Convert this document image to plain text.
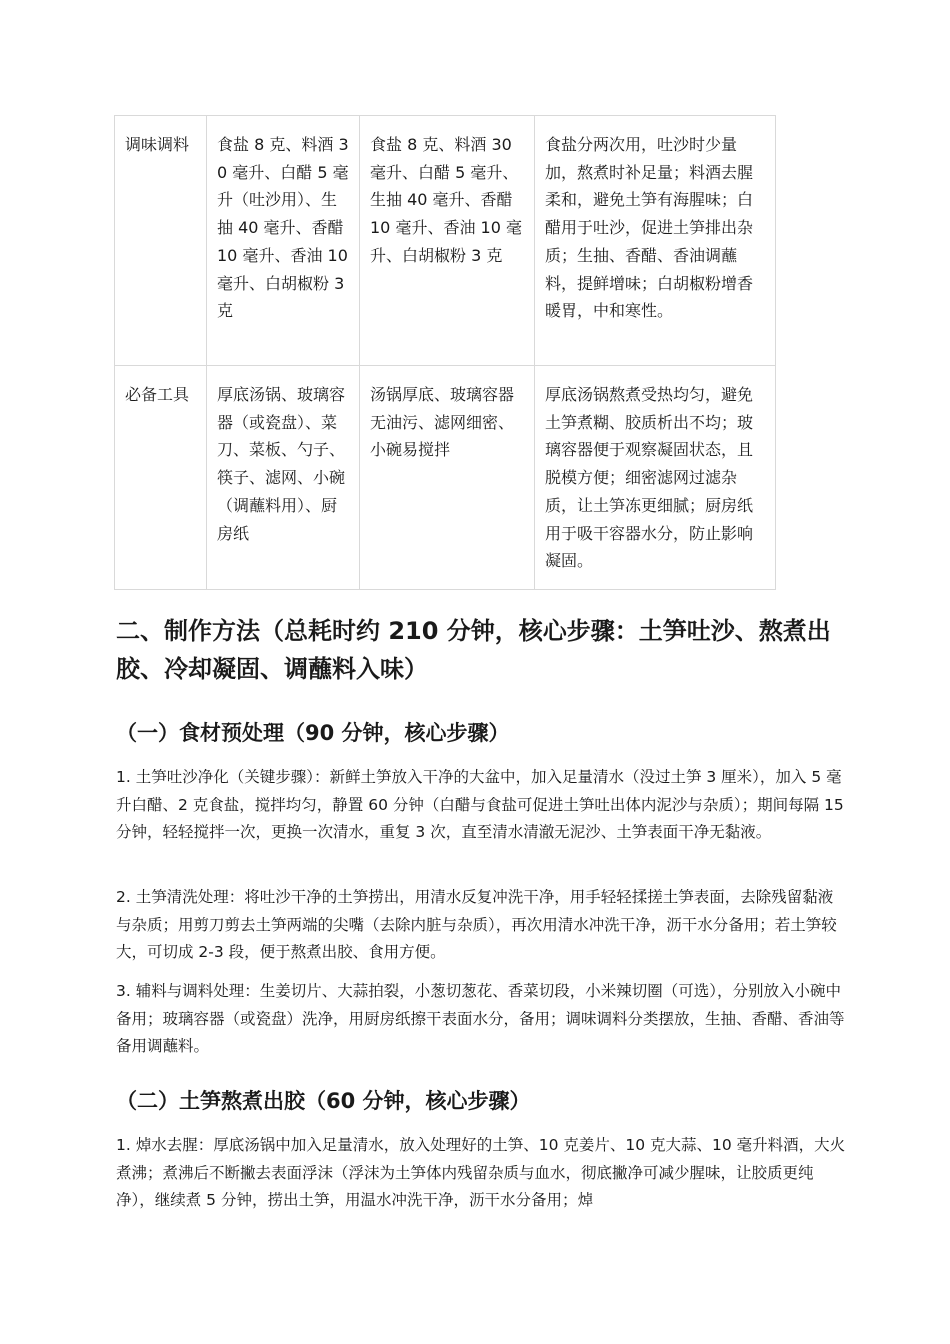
调味调料	食盐 8 克、料酒 30 毫升、白醋 5 毫升（吐沙用）、生抽 40 毫升、香醋 10 毫升、香油 10 毫升、白胡椒粉 3 克	食盐 8 克、料酒 30 毫升、白醋 5 毫升、生抽 40 毫升、香醋 10 毫升、香油 10 毫升、白胡椒粉 3 克	食盐分两次用，吐沙时少量加，熬煮时补足量；料酒去腥柔和，避免土笋有海腥味；白醋用于吐沙，促进土笋排出杂质；生抽、香醋、香油调蘸料，提鲜增味；白胡椒粉增香暖胃，中和寒性。
必备工具	厚底汤锅、玻璃容器（或瓷盘）、菜刀、菜板、勺子、筷子、滤网、小碗（调蘸料用）、厨房纸	汤锅厚底、玻璃容器无油污、滤网细密、小碗易搅拌	厚底汤锅熬煮受热均匀，避免土笋煮糊、胶质析出不均；玻璃容器便于观察凝固状态，且脱模方便；细密滤网过滤杂质，让土笋冻更细腻；厨房纸用于吸干容器水分，防止影响凝固。
二、制作方法（总耗时约 210 分钟，核心步骤：土笋吐沙、熬煮出胶、冷却凝固、调蘸料入味）
（一）食材预处理（90 分钟，核心步骤）

1. 土笋吐沙净化（关键步骤）：新鲜土笋放入干净的大盆中，加入足量清水（没过土笋 3 厘米），加入 5 毫升白醋、2 克食盐，搅拌均匀，静置 60 分钟（白醋与食盐可促进土笋吐出体内泥沙与杂质）；期间每隔 15 分钟，轻轻搅拌一次，更换一次清水，重复 3 次，直至清水清澈无泥沙、土笋表面干净无黏液。

2. 土笋清洗处理：将吐沙干净的土笋捞出，用清水反复冲洗干净，用手轻轻揉搓土笋表面，去除残留黏液与杂质；用剪刀剪去土笋两端的尖嘴（去除内脏与杂质），再次用清水冲洗干净，沥干水分备用；若土笋较大，可切成 2-3 段，便于熬煮出胶、食用方便。

3. 辅料与调料处理：生姜切片、大蒜拍裂，小葱切葱花、香菜切段，小米辣切圈（可选），分别放入小碗中备用；玻璃容器（或瓷盘）洗净，用厨房纸擦干表面水分，备用；调味调料分类摆放，生抽、香醋、香油等备用调蘸料。

（二）土笋熬煮出胶（60 分钟，核心步骤）

1. 焯水去腥：厚底汤锅中加入足量清水，放入处理好的土笋、10 克姜片、10 克大蒜、10 毫升料酒，大火煮沸；煮沸后不断撇去表面浮沫（浮沫为土笋体内残留杂质与血水，彻底撇净可减少腥味，让胶质更纯净），继续煮 5 分钟，捞出土笋，用温水冲洗干净，沥干水分备用；焯
